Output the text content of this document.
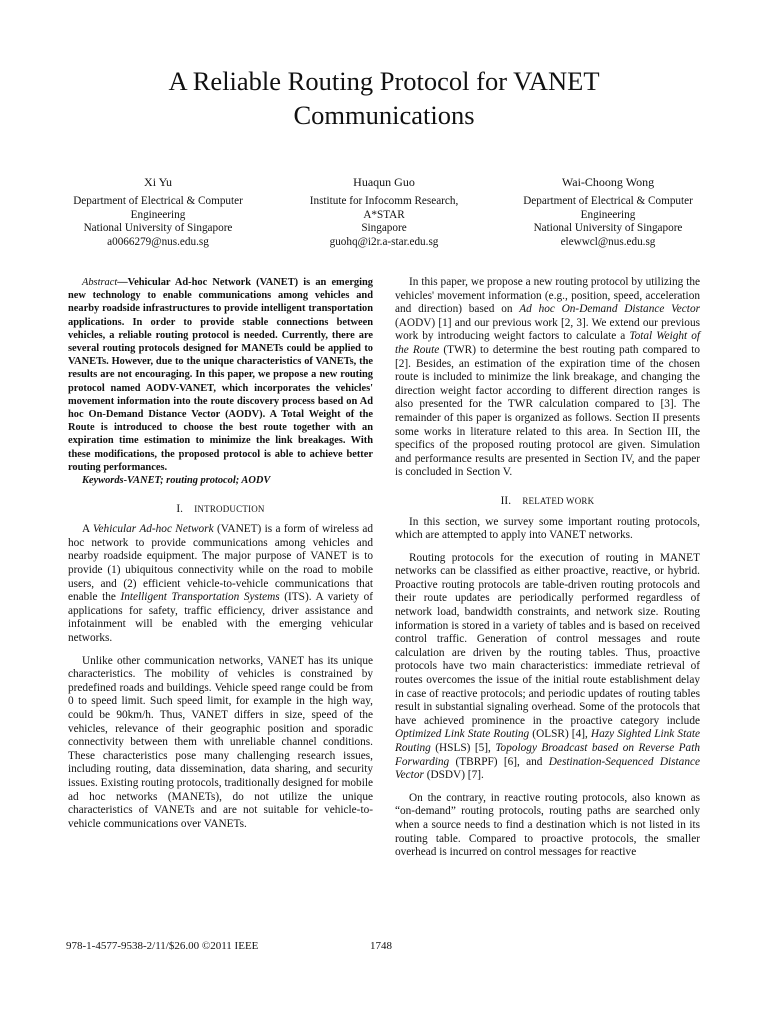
A Reliable Routing Protocol for VANET
Communications
Xi Yu
Department of Electrical & Computer
Engineering
National University of Singapore
a0066279@nus.edu.sg
Huaqun Guo
Institute for Infocomm Research,
A*STAR
Singapore
guohq@i2r.a-star.edu.sg
Wai-Choong Wong
Department of Electrical & Computer
Engineering
National University of Singapore
elewwcl@nus.edu.sg

Abstract—Vehicular Ad-hoc Network (VANET) is an emerging new technology to enable communications among vehicles and nearby roadside infrastructures to provide intelligent transportation applications. In order to provide stable connections between vehicles, a reliable routing protocol is needed. Currently, there are several routing protocols designed for MANETs could be applied to VANETs. However, due to the unique characteristics of VANETs, the results are not encouraging. In this paper, we propose a new routing protocol named AODV-VANET, which incorporates the vehicles' movement information into the route discovery process based on Ad hoc On-Demand Distance Vector (AODV). A Total Weight of the Route is introduced to choose the best route together with an expiration time estimation to minimize the link breakages. With these modifications, the proposed protocol is able to achieve better routing performances.

Keywords-VANET; routing protocol; AODV

I. INTRODUCTION

A Vehicular Ad-hoc Network (VANET) is a form of wireless ad hoc network to provide communications among vehicles and nearby roadside equipment. The major purpose of VANET is to provide (1) ubiquitous connectivity while on the road to mobile users, and (2) efficient vehicle-to-vehicle communications that enable the Intelligent Transportation Systems (ITS). A variety of applications for safety, traffic efficiency, driver assistance and infotainment will be enabled with the emerging vehicular networks.

Unlike other communication networks, VANET has its unique characteristics. The mobility of vehicles is constrained by predefined roads and buildings. Vehicle speed range could be from 0 to speed limit. Such speed limit, for example in the high way, could be 90km/h. Thus, VANET differs in size, speed of the vehicles, relevance of their geographic position and sporadic connectivity between them with unreliable channel conditions. These characteristics pose many challenging research issues, including routing, data dissemination, data sharing, and security issues. Existing routing protocols, traditionally designed for mobile ad hoc networks (MANETs), do not utilize the unique characteristics of VANETs and are not suitable for vehicle-to-vehicle communications over VANETs.

In this paper, we propose a new routing protocol by utilizing the vehicles' movement information (e.g., position, speed, acceleration and direction) based on Ad hoc On-Demand Distance Vector (AODV) [1] and our previous work [2, 3]. We extend our previous work by introducing weight factors to calculate a Total Weight of the Route (TWR) to determine the best routing path compared to [2]. Besides, an estimation of the expiration time of the chosen route is included to minimize the link breakage, and changing the direction weight factor according to different direction ranges is also presented for the TWR calculation compared to [3]. The remainder of this paper is organized as follows. Section II presents some works in literature related to this area. In Section III, the specifics of the proposed routing protocol are given. Simulation and performance results are presented in Section IV, and the paper is concluded in Section V.

II. RELATED WORK

In this section, we survey some important routing protocols, which are attempted to apply into VANET networks.

Routing protocols for the execution of routing in MANET networks can be classified as either proactive, reactive, or hybrid. Proactive routing protocols are table-driven routing protocols and their route updates are periodically performed regardless of network load, bandwidth constraints, and network size. Routing information is stored in a variety of tables and is based on received control traffic. Generation of control messages and route calculation are driven by the routing tables. Thus, proactive protocols have two main characteristics: immediate retrieval of routes overcomes the issue of the initial route establishment delay in case of reactive protocols; and periodic updates of routing tables result in substantial signaling overhead. Some of the protocols that have achieved prominence in the proactive category include Optimized Link State Routing (OLSR) [4], Hazy Sighted Link State Routing (HSLS) [5], Topology Broadcast based on Reverse Path Forwarding (TBRPF) [6], and Destination-Sequenced Distance Vector (DSDV) [7].

On the contrary, in reactive routing protocols, also known as “on-demand” routing protocols, routing paths are searched only when a source needs to find a destination which is not listed in its routing table. Compared to proactive protocols, the smaller overhead is incurred on control messages for reactive

978-1-4577-9538-2/11/$26.00 ©2011 IEEE	1748
